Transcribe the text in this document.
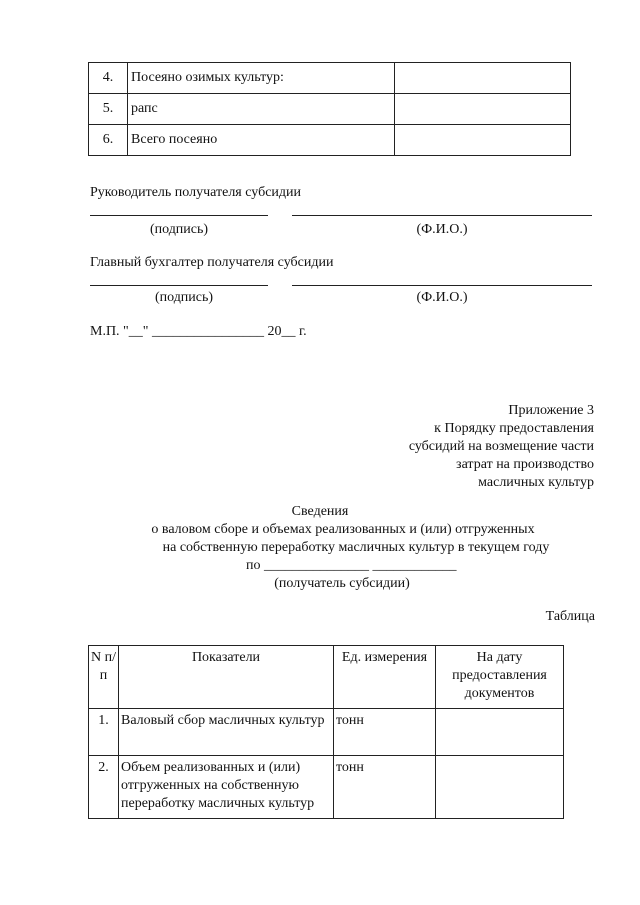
4.	Посеяно озимых культур:	
5.	рапс	
6.	Всего посеяно	
Руководитель получателя субсидии
(подпись)	(Ф.И.О.)
Главный бухгалтер получателя субсидии
(подпись)	(Ф.И.О.)
М.П. "__" ________________ 20__ г.
Приложение 3
к Порядку предоставления
субсидий на возмещение части
затрат на производство
масличных культур
Сведения
о валовом сборе и объемах реализованных и (или) отгруженных
на собственную переработку масличных культур в текущем году
по _______________ ____________
(получатель субсидии)
Таблица
N п/п	Показатели	Ед. измерения	На дату предоставления документов
1.	Валовый сбор масличных культур	тонн	
2.	Объем реализованных и (или) отгруженных на собственную переработку масличных культур	тонн	
